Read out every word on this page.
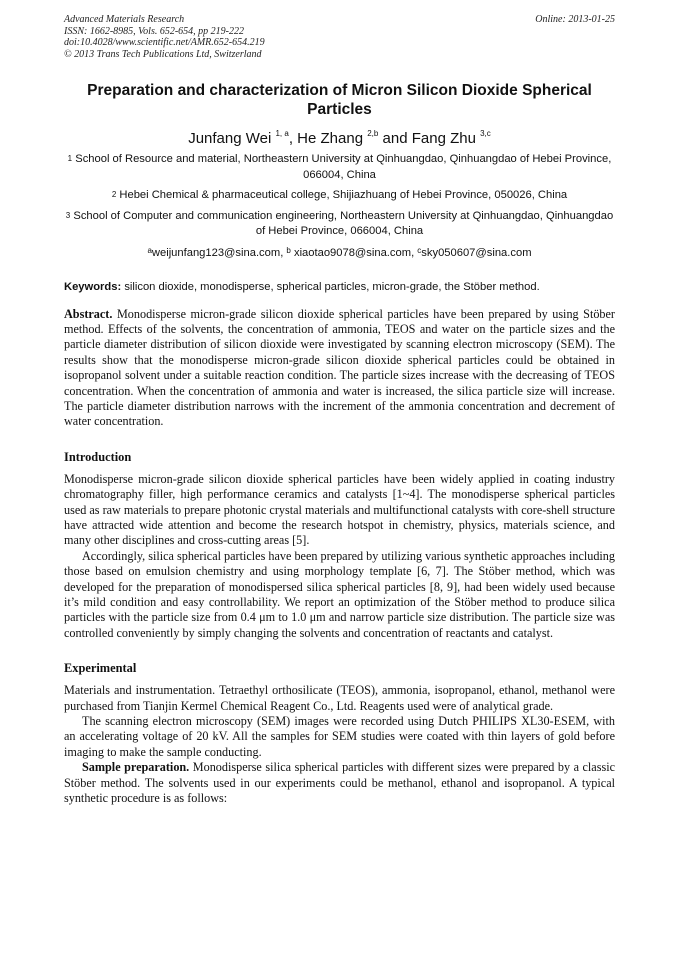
Advanced Materials Research
ISSN: 1662-8985, Vols. 652-654, pp 219-222
doi:10.4028/www.scientific.net/AMR.652-654.219
© 2013 Trans Tech Publications Ltd, Switzerland
Online: 2013-01-25
Preparation and characterization of Micron Silicon Dioxide Spherical Particles
Junfang Wei $^{1, a}$, He Zhang $^{2,b}$ and Fang Zhu $^{3,c}$
$^1$ School of Resource and material, Northeastern University at Qinhuangdao, Qinhuangdao of Hebei Province, 066004, China
$^2$ Hebei Chemical & pharmaceutical college, Shijiazhuang of Hebei Province, 050026, China
$^3$ School of Computer and communication engineering, Northeastern University at Qinhuangdao, Qinhuangdao of Hebei Province, 066004, China
$^a$weijunfang123@sina.com, $^b$ xiaotao9078@sina.com, $^c$sky050607@sina.com
Keywords: silicon dioxide, monodisperse, spherical particles, micron-grade, the Stöber method.
Abstract. Monodisperse micron-grade silicon dioxide spherical particles have been prepared by using Stöber method. Effects of the solvents, the concentration of ammonia, TEOS and water on the particle sizes and the particle diameter distribution of silicon dioxide were investigated by scanning electron microscopy (SEM). The results show that the monodisperse micron-grade silicon dioxide spherical particles could be obtained in isopropanol solvent under a suitable reaction condition. The particle sizes increase with the decreasing of TEOS concentration. When the concentration of ammonia and water is increased, the silica particle size will increase. The particle diameter distribution narrows with the increment of the ammonia concentration and decrement of water concentration.
Introduction

Monodisperse micron-grade silicon dioxide spherical particles have been widely applied in coating industry chromatography filler, high performance ceramics and catalysts [1~4]. The monodisperse spherical particles used as raw materials to prepare photonic crystal materials and multifunctional catalysts with core-shell structure have attracted wide attention and become the research hotspot in chemistry, physics, materials science, and many other disciplines and cross-cutting areas [5].

Accordingly, silica spherical particles have been prepared by utilizing various synthetic approaches including those based on emulsion chemistry and using morphology template [6, 7]. The Stöber method, which was developed for the preparation of monodispersed silica spherical particles [8, 9], had been widely used because it’s mild condition and easy controllability. We report an optimization of the Stöber method to produce silica particles with the particle size from 0.4 μm to 1.0 μm and narrow particle size distribution. The particle size was controlled conveniently by simply changing the solvents and concentration of reactants and catalyst.

Experimental

Materials and instrumentation. Tetraethyl orthosilicate (TEOS), ammonia, isopropanol, ethanol, methanol were purchased from Tianjin Kermel Chemical Reagent Co., Ltd. Reagents used were of analytical grade.

The scanning electron microscopy (SEM) images were recorded using Dutch PHILIPS XL30-ESEM, with an accelerating voltage of 20 kV. All the samples for SEM studies were coated with thin layers of gold before imaging to make the sample conducting.

Sample preparation. Monodisperse silica spherical particles with different sizes were prepared by a classic Stöber method. The solvents used in our experiments could be methanol, ethanol and isopropanol. A typical synthetic procedure is as follows:
